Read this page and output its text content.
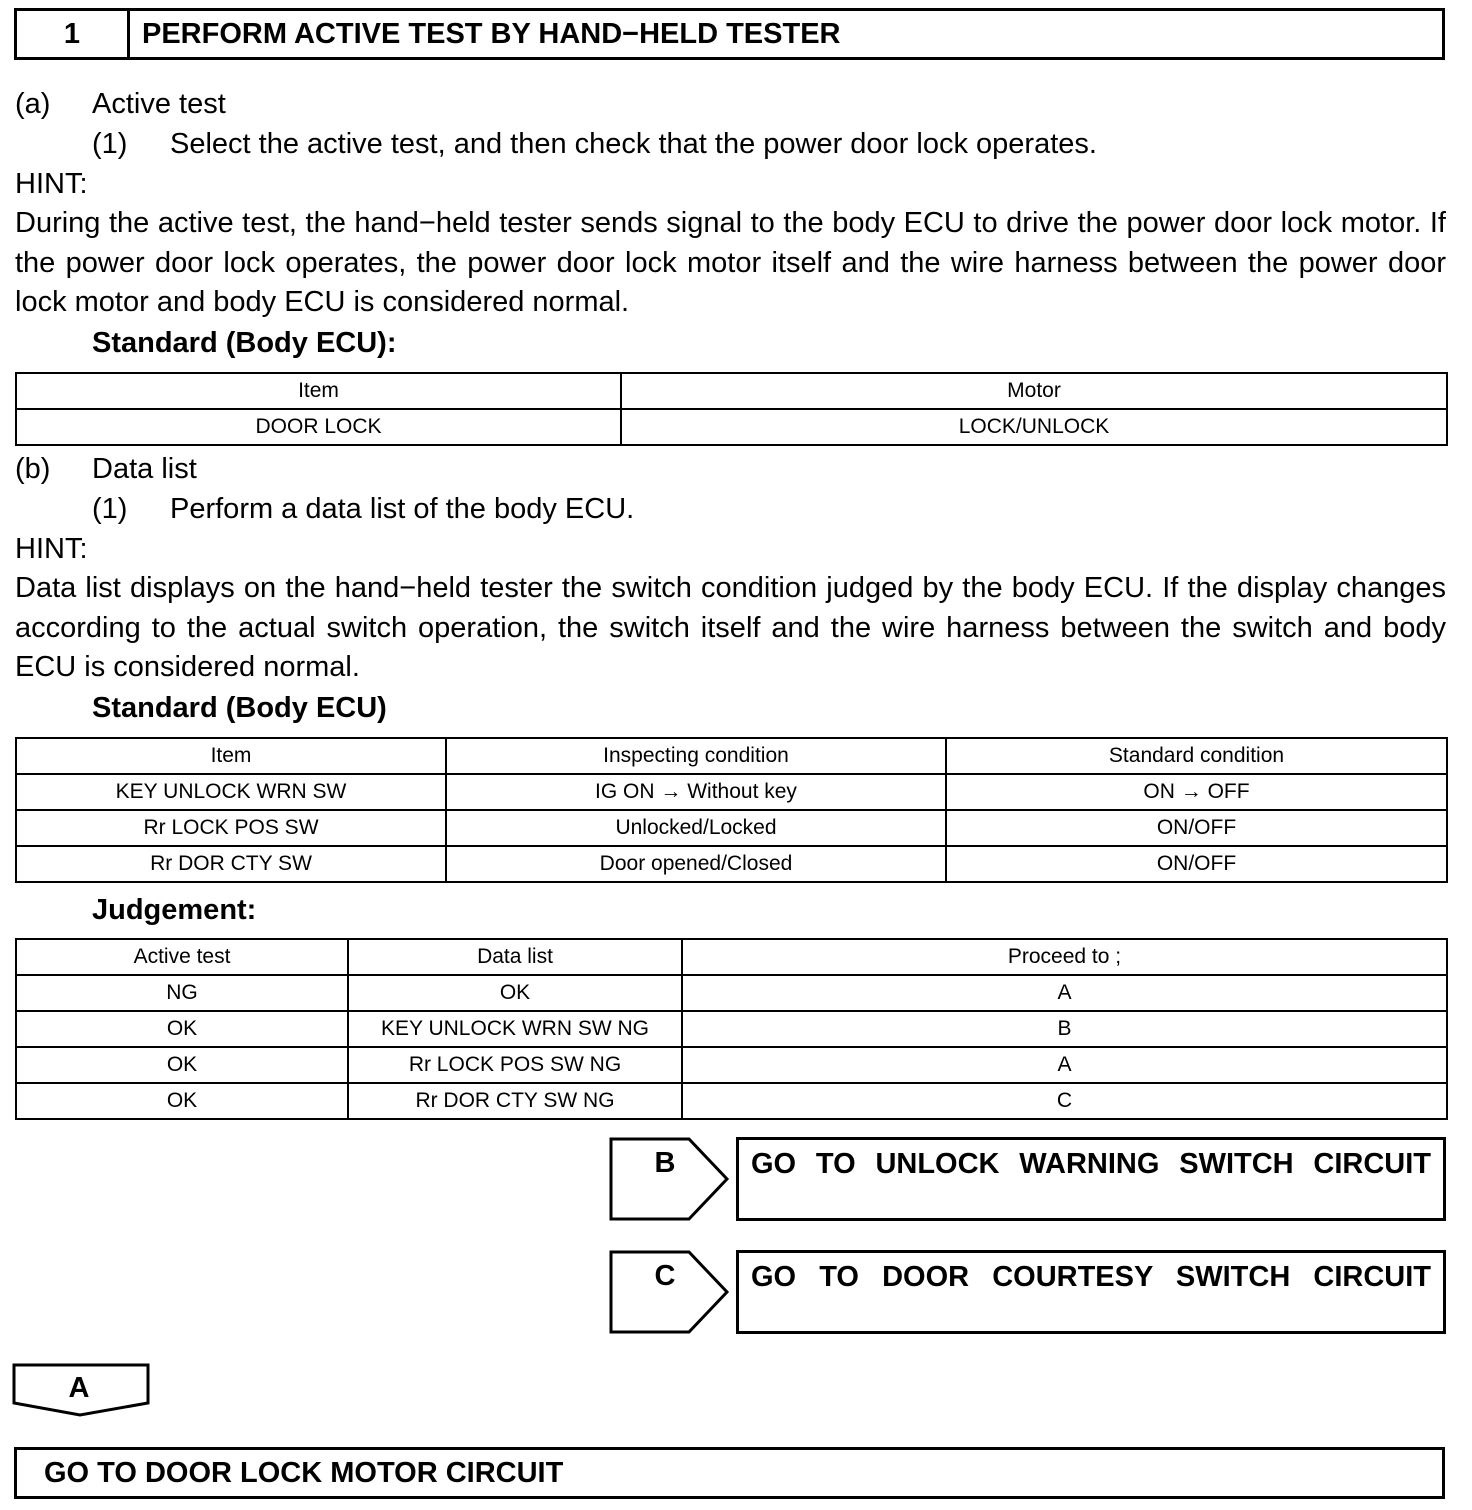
1	PERFORM ACTIVE TEST BY HAND−HELD TESTER
(a) Active test
(1) Select the active test, and then check that the power door lock operates.
HINT:
During the active test, the hand−held tester sends signal to the body ECU to drive the power door lock motor. If the power door lock operates, the power door lock motor itself and the wire harness between the power door lock motor and body ECU is considered normal.
Standard (Body ECU):
Item	Motor
DOOR LOCK	LOCK/UNLOCK
(b) Data list
(1) Perform a data list of the body ECU.
HINT:
Data list displays on the hand−held tester the switch condition judged by the body ECU. If the display changes according to the actual switch operation, the switch itself and the wire harness between the switch and body ECU is considered normal.
Standard (Body ECU)
Item	Inspecting condition	Standard condition
KEY UNLOCK WRN SW	IG ON → Without key	ON → OFF
Rr LOCK POS SW	Unlocked/Locked	ON/OFF
Rr DOR CTY SW	Door opened/Closed	ON/OFF
Judgement:
Active test	Data list	Proceed to ;
NG	OK	A
OK	KEY UNLOCK WRN SW NG	B
OK	Rr LOCK POS SW NG	A
OK	Rr DOR CTY SW NG	C
B	GO TO UNLOCK WARNING SWITCH CIRCUIT
C	GO TO DOOR COURTESY SWITCH CIRCUIT
A
GO TO DOOR LOCK MOTOR CIRCUIT
